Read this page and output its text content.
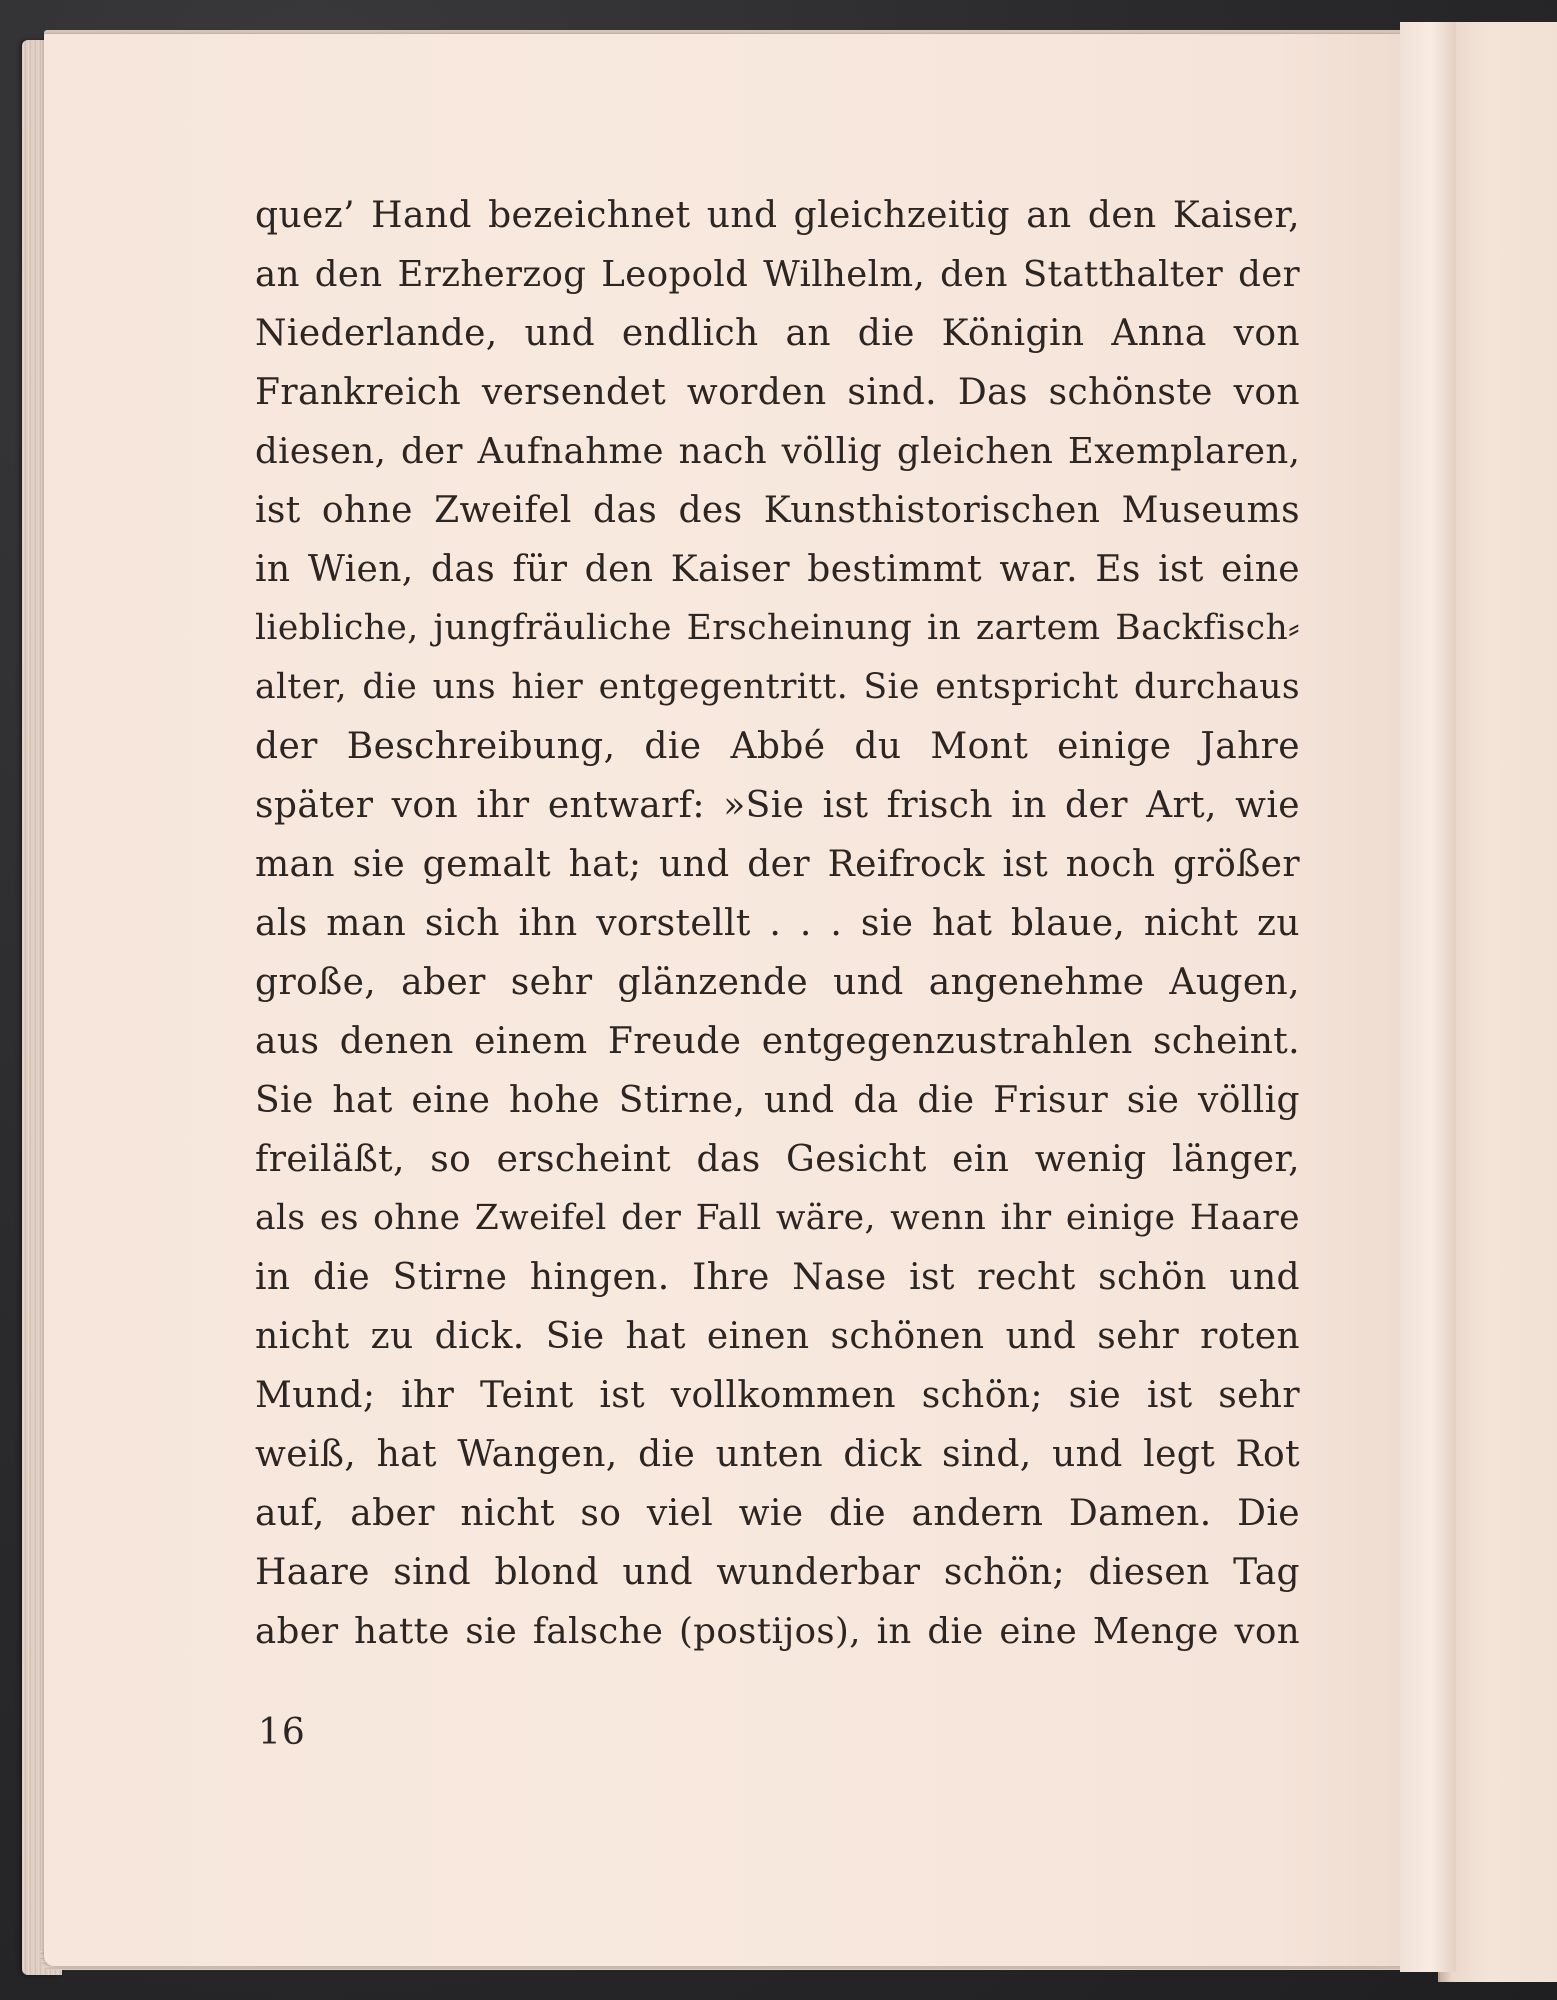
quez’ Hand bezeichnet und gleichzeitig an den Kaiser,
an den Erzherzog Leopold Wilhelm, den Statthalter der
Niederlande, und endlich an die Königin Anna von
Frankreich versendet worden sind. Das schönste von
diesen, der Aufnahme nach völlig gleichen Exemplaren,
ist ohne Zweifel das des Kunsthistorischen Museums
in Wien, das für den Kaiser bestimmt war. Es ist eine
liebliche, jungfräuliche Erscheinung in zartem Backfisch⸗
alter, die uns hier entgegentritt. Sie entspricht durchaus
der Beschreibung, die Abbé du Mont einige Jahre
später von ihr entwarf: »Sie ist frisch in der Art, wie
man sie gemalt hat; und der Reifrock ist noch größer
als man sich ihn vorstellt . . . sie hat blaue, nicht zu
große, aber sehr glänzende und angenehme Augen,
aus denen einem Freude entgegenzustrahlen scheint.
Sie hat eine hohe Stirne, und da die Frisur sie völlig
freiläßt, so erscheint das Gesicht ein wenig länger,
als es ohne Zweifel der Fall wäre, wenn ihr einige Haare
in die Stirne hingen. Ihre Nase ist recht schön und
nicht zu dick. Sie hat einen schönen und sehr roten
Mund; ihr Teint ist vollkommen schön; sie ist sehr
weiß, hat Wangen, die unten dick sind, und legt Rot
auf, aber nicht so viel wie die andern Damen. Die
Haare sind blond und wunderbar schön; diesen Tag
aber hatte sie falsche (postijos), in die eine Menge von
16
